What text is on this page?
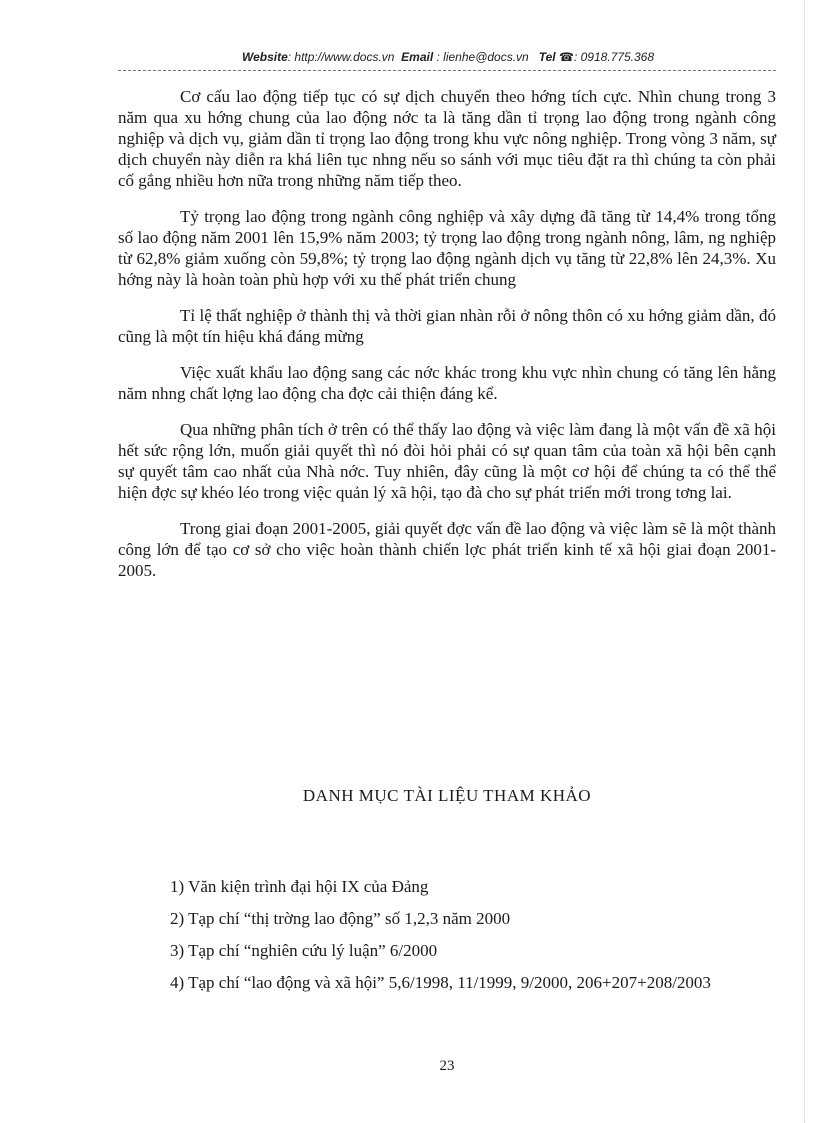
Website: http://www.docs.vn Email : lienhe@docs.vn Tel ☎: 0918.775.368

Cơ cấu lao động tiếp tục có sự dịch chuyển theo hớng tích cực. Nhìn chung trong 3 năm qua xu hớng chung của lao động nớc ta là tăng dần tỉ trọng lao động trong ngành công nghiệp và dịch vụ, giảm dần tỉ trọng lao động trong khu vực nông nghiệp. Trong vòng 3 năm, sự dịch chuyển này diễn ra khá liên tục nhng nếu so sánh với mục tiêu đặt ra thì chúng ta còn phải cố gắng nhiều hơn nữa trong những năm tiếp theo.

Tỷ trọng lao động trong ngành công nghiệp và xây dựng đã tăng từ 14,4% trong tổng số lao động năm 2001 lên 15,9% năm 2003; tỷ trọng lao động trong ngành nông, lâm, ng nghiệp từ 62,8% giảm xuống còn 59,8%; tỷ trọng lao động ngành dịch vụ tăng từ 22,8% lên 24,3%. Xu hớng này là hoàn toàn phù hợp với xu thế phát triển chung

Tỉ lệ thất nghiệp ở thành thị và thời gian nhàn rỗi ở nông thôn có xu hớng giảm dần, đó cũng là một tín hiệu khá đáng mừng

Việc xuất khẩu lao động sang các nớc khác trong khu vực nhìn chung có tăng lên hằng năm nhng chất lợng lao động cha đợc cải thiện đáng kể.

Qua những phân tích ở trên có thể thấy lao động và việc làm đang là một vấn đề xã hội hết sức rộng lớn, muốn giải quyết thì nó đòi hỏi phải có sự quan tâm của toàn xã hội bên cạnh sự quyết tâm cao nhất của Nhà nớc. Tuy nhiên, đây cũng là một cơ hội để chúng ta có thể thể hiện đợc sự khéo léo trong việc quản lý xã hội, tạo đà cho sự phát triển mới trong tơng lai.

Trong giai đoạn 2001-2005, giải quyết đợc vấn đề lao động và việc làm sẽ là một thành công lớn để tạo cơ sở cho việc hoàn thành chiến lợc phát triển kinh tế xã hội giai đoạn 2001-2005.

DANH MỤC TÀI LIỆU THAM KHẢO
1) Văn kiện trình đại hội IX của Đảng
2) Tạp chí “thị trờng lao động” số 1,2,3 năm 2000
3) Tạp chí “nghiên cứu lý luận” 6/2000
4) Tạp chí “lao động và xã hội” 5,6/1998, 11/1999, 9/2000, 206+207+208/2003
23
